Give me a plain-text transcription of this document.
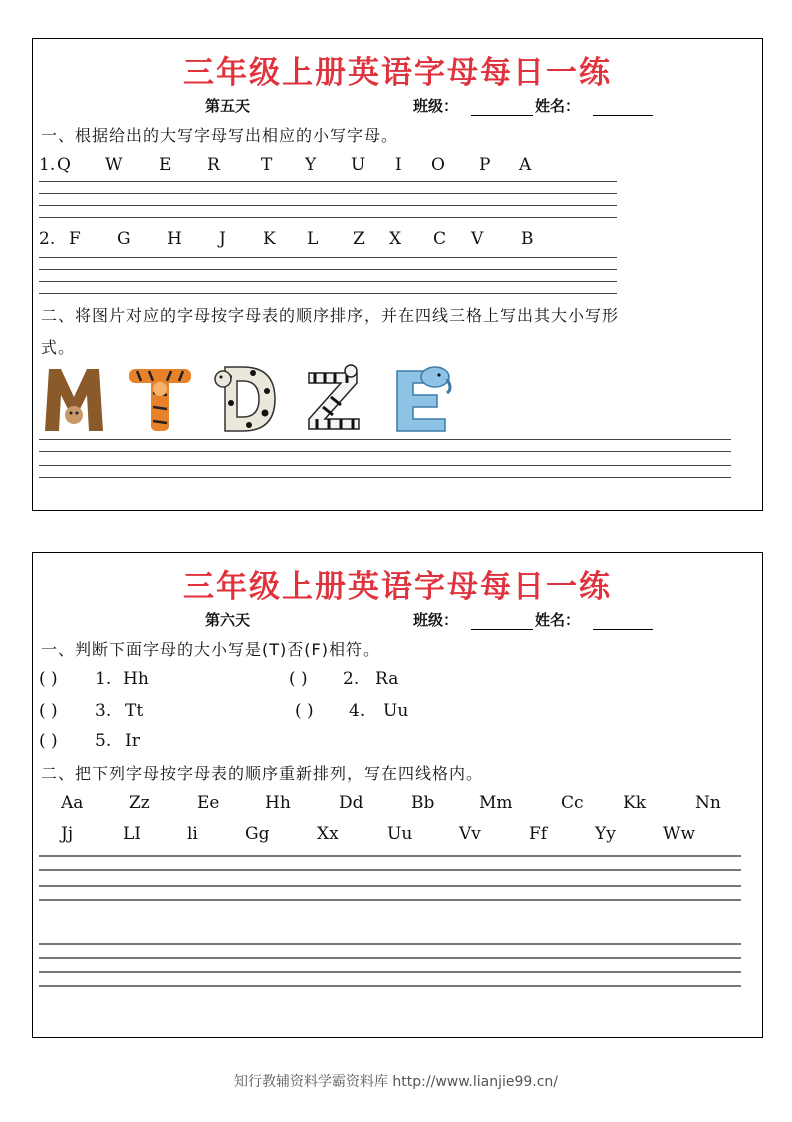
三年级上册英语字母每日一练
第五天	班级：	姓名：
一、根据给出的大写字母写出相应的小写字母。
1. Q W E R T Y U I O P A
2. F G H J K L Z X C V B
二、将图片对应的字母按字母表的顺序排序，并在四线三格上写出其大小写形
式。
三年级上册英语字母每日一练
第六天	班级：	姓名：
一、判断下面字母的大小写是(T)否(F)相符。
( ) 1. Hh	( ) 2. Ra
( ) 3. Tt	( ) 4. Uu
( ) 5. Ir
二、把下列字母按字母表的顺序重新排列，写在四线格内。
Aa	Zz	Ee	Hh	Dd	Bb	Mm	Cc Kk	Nn
Jj	LI	li	Gg	Xx	Uu	Vv	Ff	Yy	Ww
知行教辅资料学霸资料库 http://www.lianjie99.cn/
